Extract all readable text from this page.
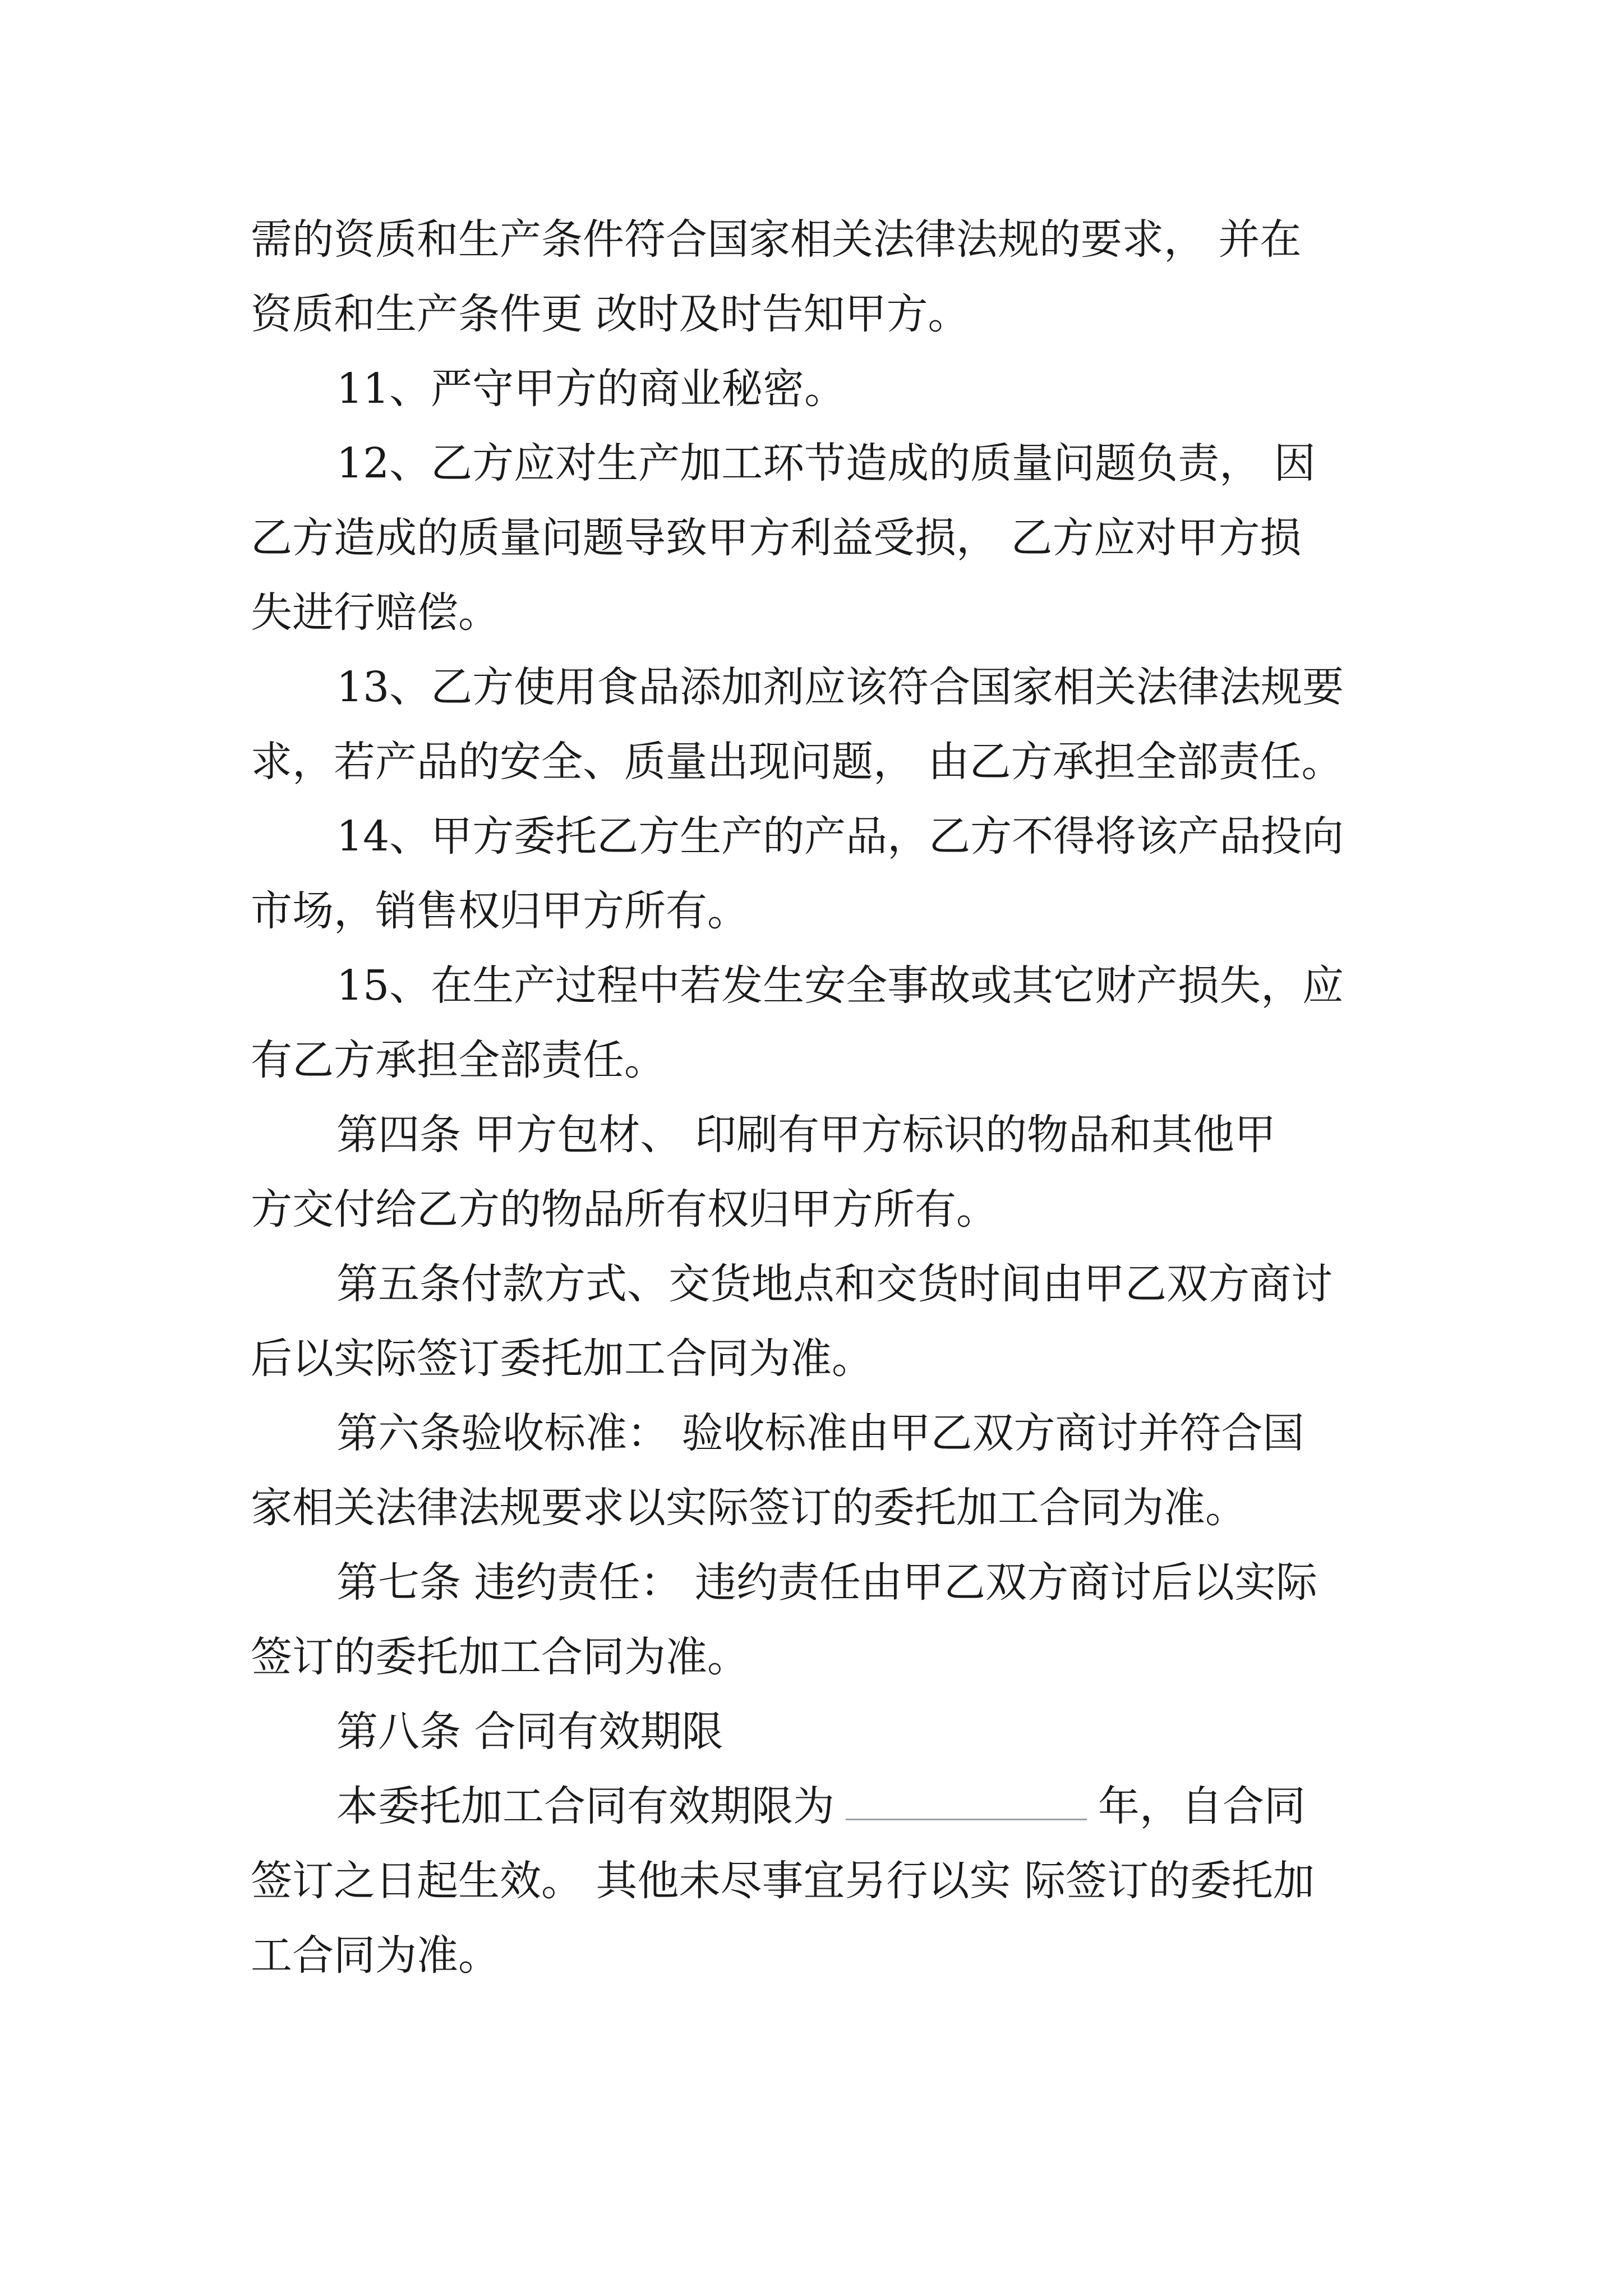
需的资质和生产条件符合国家相关法律法规的要求， 并在

资质和生产条件更 改时及时告知甲方。

11、严守甲方的商业秘密。

12、乙方应对生产加工环节造成的质量问题负责， 因

乙方造成的质量问题导致甲方利益受损， 乙方应对甲方损

失进行赔偿。

13、乙方使用食品添加剂应该符合国家相关法律法规要

求，若产品的安全、质量出现问题， 由乙方承担全部责任。

14、甲方委托乙方生产的产品，乙方不得将该产品投向

市场，销售权归甲方所有。

15、在生产过程中若发生安全事故或其它财产损失，应

有乙方承担全部责任。

第四条 甲方包材、 印刷有甲方标识的物品和其他甲

方交付给乙方的物品所有权归甲方所有。

第五条付款方式、交货地点和交货时间由甲乙双方商讨

后以实际签订委托加工合同为准。

第六条验收标准： 验收标准由甲乙双方商讨并符合国

家相关法律法规要求以实际签订的委托加工合同为准。

第七条 违约责任： 违约责任由甲乙双方商讨后以实际

签订的委托加工合同为准。

第八条 合同有效期限

本委托加工合同有效期限为	年，自合同

签订之日起生效。 其他未尽事宜另行以实 际签订的委托加

工合同为准。
